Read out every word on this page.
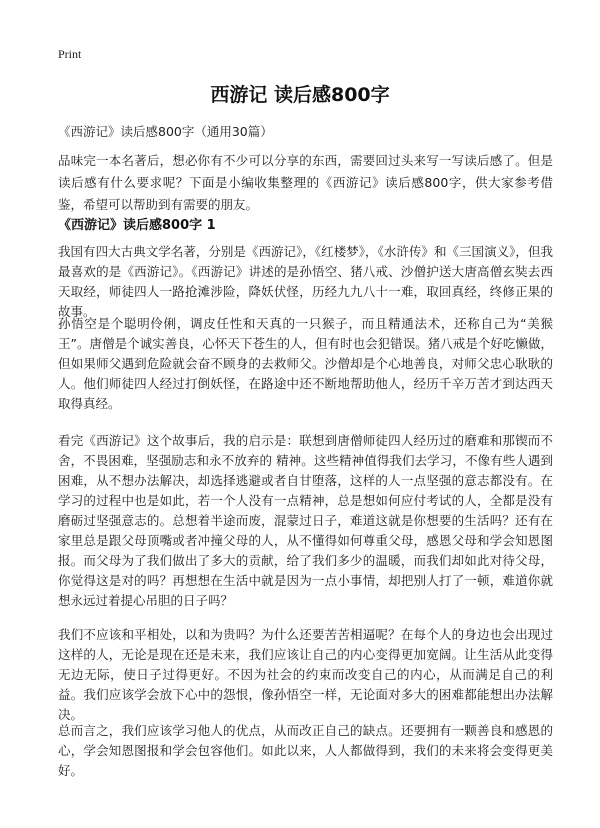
Print
西游记 读后感800字

《西游记》读后感800字（通用30篇）

品味完一本名著后，想必你有不少可以分享的东西，需要回过头来写一写读后感了。但是读后感有什么要求呢？下面是小编收集整理的《西游记》读后感800字，供大家参考借鉴，希望可以帮助到有需要的朋友。

《西游记》读后感800字 1

我国有四大古典文学名著，分别是《西游记》，《红楼梦》，《水浒传》和《三国演义》，但我最喜欢的是《西游记》。《西游记》讲述的是孙悟空、猪八戒、沙僧护送大唐高僧玄奘去西天取经，师徒四人一路抢滩涉险，降妖伏怪，历经九九八十一难，取回真经，终修正果的故事。

孙悟空是个聪明伶俐，调皮任性和天真的一只猴子，而且精通法术，还称自己为“美猴王”。唐僧是个诚实善良，心怀天下苍生的人，但有时也会犯错误。猪八戒是个好吃懒做，但如果师父遇到危险就会奋不顾身的去救师父。沙僧却是个心地善良，对师父忠心耿耿的人。他们师徒四人经过打倒妖怪，在路途中还不断地帮助他人，经历千辛万苦才到达西天取得真经。

看完《西游记》这个故事后，我的启示是：联想到唐僧师徒四人经历过的磨难和那锲而不舍，不畏困难，坚强励志和永不放弃的 精神。这些精神值得我们去学习，不像有些人遇到困难，从不想办法解决，却选择逃避或者自甘堕落，这样的人一点坚强的意志都没有。在学习的过程中也是如此，若一个人没有一点精神，总是想如何应付考试的人，全都是没有磨砺过坚强意志的。总想着半途而废，混蒙过日子，难道这就是你想要的生活吗？还有在家里总是跟父母顶嘴或者冲撞父母的人，从不懂得如何尊重父母，感恩父母和学会知恩图报。而父母为了我们做出了多大的贡献，给了我们多少的温暖，而我们却如此对待父母，你觉得这是对的吗？再想想在生活中就是因为一点小事情，却把别人打了一顿，难道你就想永远过着提心吊胆的日子吗？

我们不应该和平相处，以和为贵吗？为什么还要苦苦相逼呢？在每个人的身边也会出现过这样的人，无论是现在还是未来，我们应该让自己的内心变得更加宽阔。让生活从此变得无边无际，使日子过得更好。不因为社会的约束而改变自己的内心，从而满足自己的利益。我们应该学会放下心中的怨恨，像孙悟空一样，无论面对多大的困难都能想出办法解决。

总而言之，我们应该学习他人的优点，从而改正自己的缺点。还要拥有一颗善良和感恩的心，学会知恩图报和学会包容他们。如此以来，人人都做得到，我们的未来将会变得更美好。
